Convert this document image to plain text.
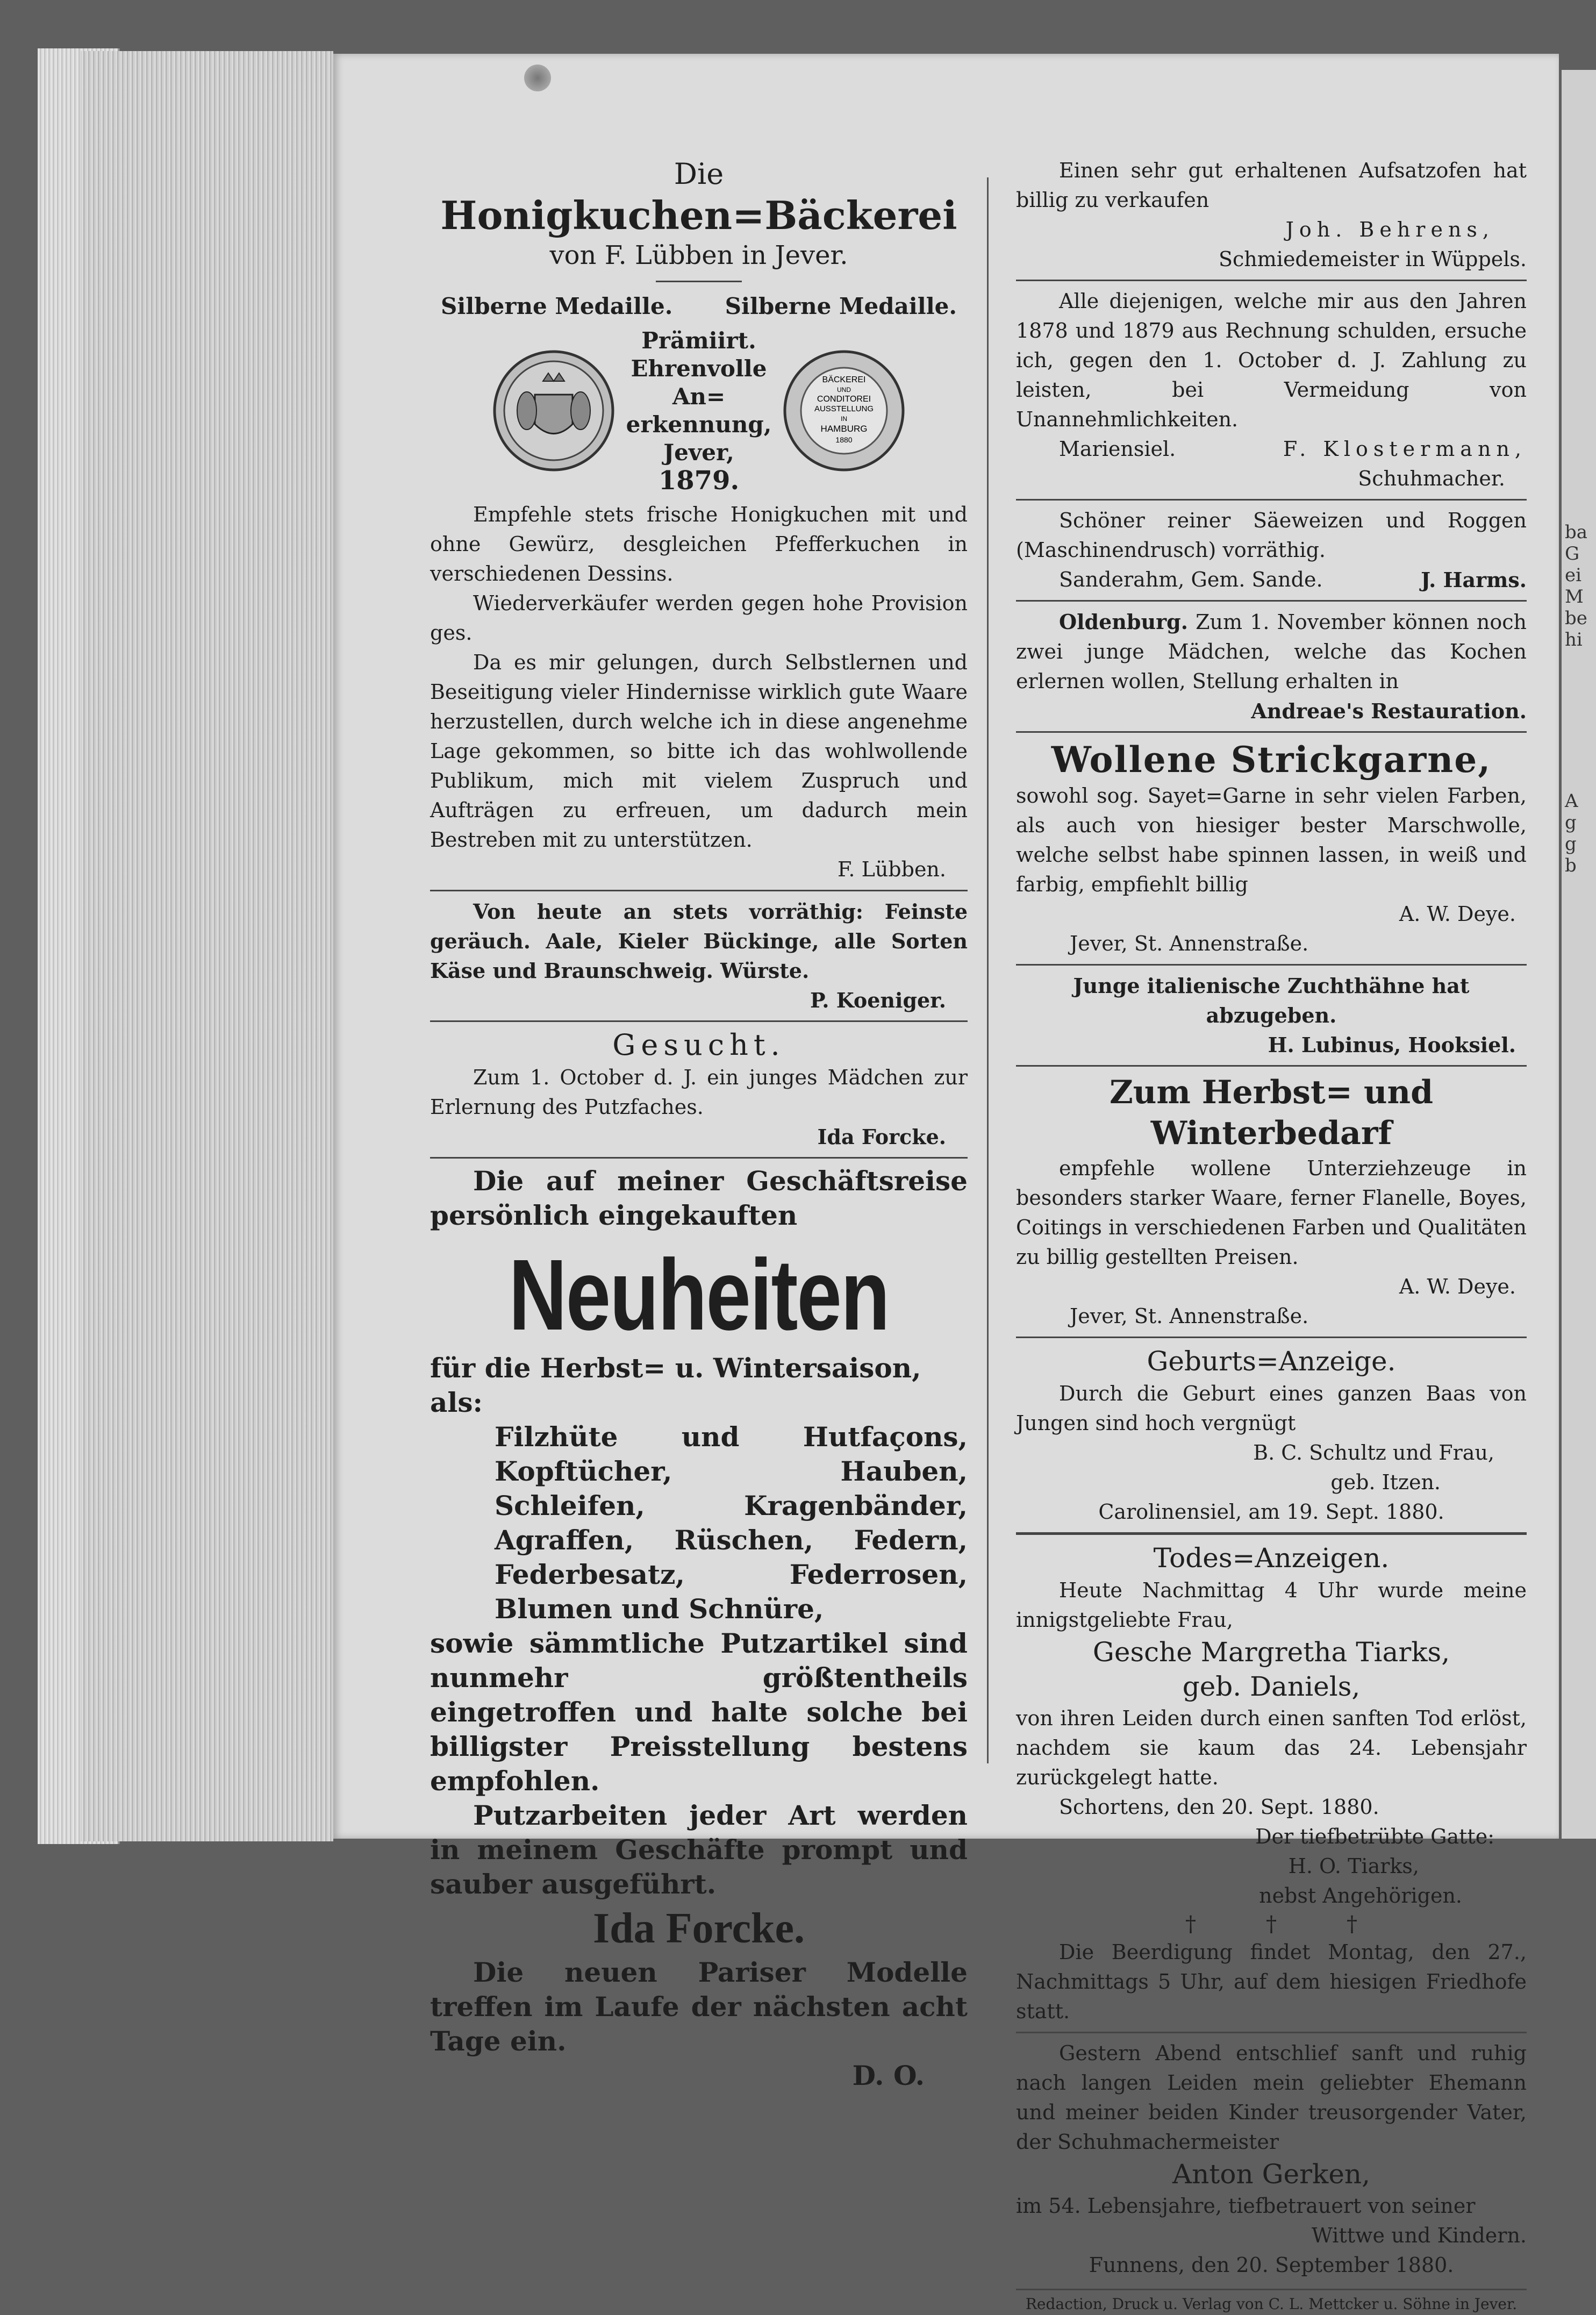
ba
G
ei
M
be
hi
A
g
g
b

Die

Honigkuchen=Bäckerei

von F. Lübben in Jever.

Silberne Medaille. Silberne Medaille.
Prämiirt.
Ehrenvolle
An=
erkennung,
Jever,
1879.
BÄCKEREI
UND
CONDITOREI
AUSSTELLUNG
IN
HAMBURG
1880

Empfehle stets frische Honigkuchen mit und ohne Gewürz, desgleichen Pfefferkuchen in verschiedenen Dessins.

Wiederverkäufer werden gegen hohe Provision ges.

Da es mir gelungen, durch Selbstlernen und Beseitigung vieler Hindernisse wirklich gute Waare herzustellen, durch welche ich in diese angenehme Lage gekommen, so bitte ich das wohlwollende Publikum, mich mit vielem Zuspruch und Aufträgen zu erfreuen, um dadurch mein Bestreben mit zu unterstützen.

F. Lübben.

Von heute an stets vorräthig: Feinste geräuch. Aale, Kieler Bückinge, alle Sorten Käse und Braunschweig. Würste.

P. Koeniger.

Gesucht.

Zum 1. October d. J. ein junges Mädchen zur Erlernung des Putzfaches.

Ida Forcke.

Die auf meiner Geschäftsreise persönlich eingekauften

Neuheiten

für die Herbst= u. Wintersaison, als:

Filzhüte und Hutfaçons, Kopftücher, Hauben, Schleifen, Kragenbänder, Agraffen, Rüschen, Federn, Federbesatz, Federrosen, Blumen und Schnüre,

sowie sämmtliche Putzartikel sind nunmehr größtentheils eingetroffen und halte solche bei billigster Preisstellung bestens empfohlen.

Putzarbeiten jeder Art werden in meinem Geschäfte prompt und sauber ausgeführt.

Ida Forcke.

Die neuen Pariser Modelle treffen im Laufe der nächsten acht Tage ein.

D. O.

Einen sehr gut erhaltenen Aufsatzofen hat billig zu verkaufen

Joh. Behrens,

Schmiedemeister in Wüppels.

Alle diejenigen, welche mir aus den Jahren 1878 und 1879 aus Rechnung schulden, ersuche ich, gegen den 1. October d. J. Zahlung zu leisten, bei Vermeidung von Unannehmlichkeiten.

Mariensiel.	F. Klostermann,

Schuhmacher.

Schöner reiner Säeweizen und Roggen (Maschinendrusch) vorräthig.

Sanderahm, Gem. Sande.	J. Harms.

Oldenburg. Zum 1. November können noch zwei junge Mädchen, welche das Kochen erlernen wollen, Stellung erhalten in

Andreae's Restauration.

Wollene Strickgarne,

sowohl sog. Sayet=Garne in sehr vielen Farben, als auch von hiesiger bester Marschwolle, welche selbst habe spinnen lassen, in weiß und farbig, empfiehlt billig

A. W. Deye.

Jever, St. Annenstraße.

Junge italienische Zuchthähne hat abzugeben.

H. Lubinus, Hooksiel.

Zum Herbst= und Winterbedarf

empfehle wollene Unterziehzeuge in besonders starker Waare, ferner Flanelle, Boyes, Coitings in verschiedenen Farben und Qualitäten zu billig gestellten Preisen.

A. W. Deye.

Jever, St. Annenstraße.

Geburts=Anzeige.

Durch die Geburt eines ganzen Baas von Jungen sind hoch vergnügt

B. C. Schultz und Frau,

geb. Itzen.

Carolinensiel, am 19. Sept. 1880.

Todes=Anzeigen.

Heute Nachmittag 4 Uhr wurde meine innigstgeliebte Frau,

Gesche Margretha Tiarks,

geb. Daniels,

von ihren Leiden durch einen sanften Tod erlöst, nachdem sie kaum das 24. Lebensjahr zurückgelegt hatte.

Schortens, den 20. Sept. 1880.

Der tiefbetrübte Gatte:

H. O. Tiarks,

nebst Angehörigen.

†	†	†

Die Beerdigung findet Montag, den 27., Nachmittags 5 Uhr, auf dem hiesigen Friedhofe statt.

Gestern Abend entschlief sanft und ruhig nach langen Leiden mein geliebter Ehemann und meiner beiden Kinder treusorgender Vater, der Schuhmachermeister

Anton Gerken,

im 54. Lebensjahre, tiefbetrauert von seiner

Wittwe und Kindern.

Funnens, den 20. September 1880.

Redaction, Druck u. Verlag von C. L. Mettcker u. Söhne in Jever.
